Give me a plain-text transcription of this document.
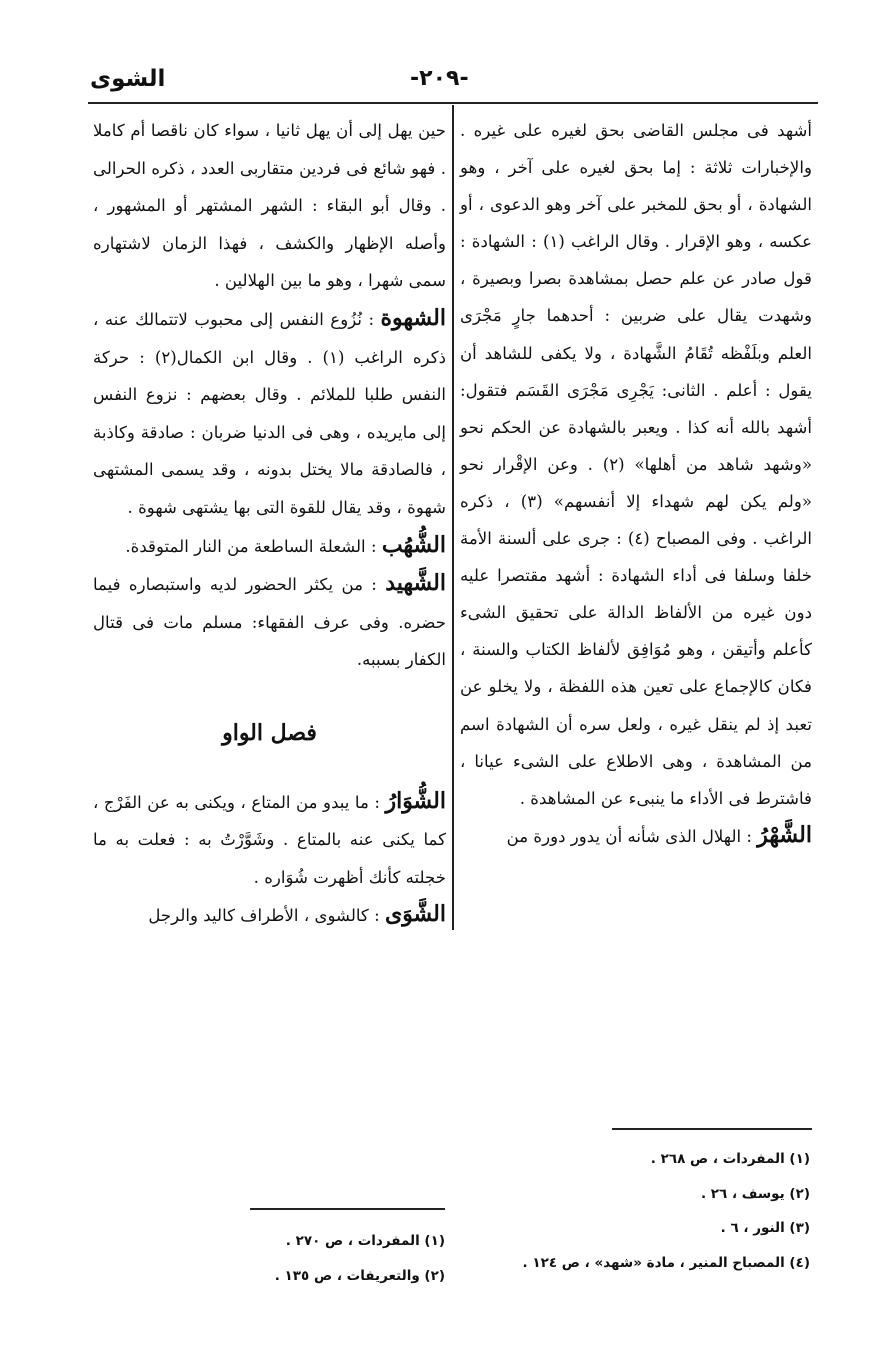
الشوى	-٢٠٩-

أشهد فى مجلس القاضى بحق لغيره على غيره . والإخبارات ثلاثة : إما بحق لغيره على آخر ، وهو الشهادة ، أو بحق للمخبر على آخر وهو الدعوى ، أو عكسه ، وهو الإقرار . وقال الراغب (١) : الشهادة : قول صادر عن علم حصل بمشاهدة بصرا وبصيرة ، وشهدت يقال على ضربين : أحدهما جارٍ مَجْرَى العلم وبلَفْظه تُقَامُ الشَّهادة ، ولا يكفى للشاهد أن يقول : أعلم . الثانى: يَجْرِى مَجْرَى القَسَم فتقول: أشهد بالله أنه كذا . ويعبر بالشهادة عن الحكم نحو «وشهد شاهد من أهلها» (٢) . وعن الإقْرار نحو «ولم يكن لهم شهداء إلا أنفسهم» (٣) ، ذكره الراغب . وفى المصباح (٤) : جرى على ألسنة الأمة خلفا وسلفا فى أداء الشهادة : أشهد مقتصرا عليه دون غيره من الألفاظ الدالة على تحقيق الشىء كأعلم وأتيقن ، وهو مُوَافِق لألفاظ الكتاب والسنة ، فكان كالإجماع على تعين هذه اللفظة ، ولا يخلو عن تعبد إذ لم ينقل غيره ، ولعل سره أن الشهادة اسم من المشاهدة ، وهى الاطلاع على الشىء عيانا ، فاشترط فى الأداء ما ينبىء عن المشاهدة .

الشَّهْرُ : الهلال الذى شأنه أن يدور دورة من

حين يهل إلى أن يهل ثانيا ، سواء كان ناقصا أم كاملا . فهو شائع فى فردين متقاربى العدد ، ذكره الحرالى . وقال أبو البقاء : الشهر المشتهر أو المشهور ، وأصله الإظهار والكشف ، فهذا الزمان لاشتهاره سمى شهرا ، وهو ما بين الهلالين .

الشهوة : نُزُوع النفس إلى محبوب لاتتمالك عنه ، ذكره الراغب (١) . وقال ابن الكمال(٢) : حركة النفس طلبا للملائم . وقال بعضهم : نزوع النفس إلى مايريده ، وهى فى الدنيا ضربان : صادقة وكاذبة ، فالصادقة مالا يختل بدونه ، وقد يسمى المشتهى شهوة ، وقد يقال للقوة التى بها يشتهى شهوة .

الشُّهُب : الشعلة الساطعة من النار المتوقدة.

الشَّهيد : من يكثر الحضور لديه واستبصاره فيما حضره. وفى عرف الفقهاء: مسلم مات فى قتال الكفار بسببه.

فصل الواو

الشُّوَارُ : ما يبدو من المتاع ، ويكنى به عن الفَرْج ، كما يكنى عنه بالمتاع . وشَوَّرْتُ به : فعلت به ما خجلته كأنك أظهرت شُوَاره .

الشَّوَى : كالشوى ، الأطراف كاليد والرجل

(١) المفردات ، ص ٢٦٨ .

(٢) يوسف ، ٢٦ .

(٣) النور ، ٦ .

(٤) المصباح المنير ، مادة «شهد» ، ص ١٢٤ .

(١) المفردات ، ص ٢٧٠ .

(٢) والتعريفات ، ص ١٣٥ .
